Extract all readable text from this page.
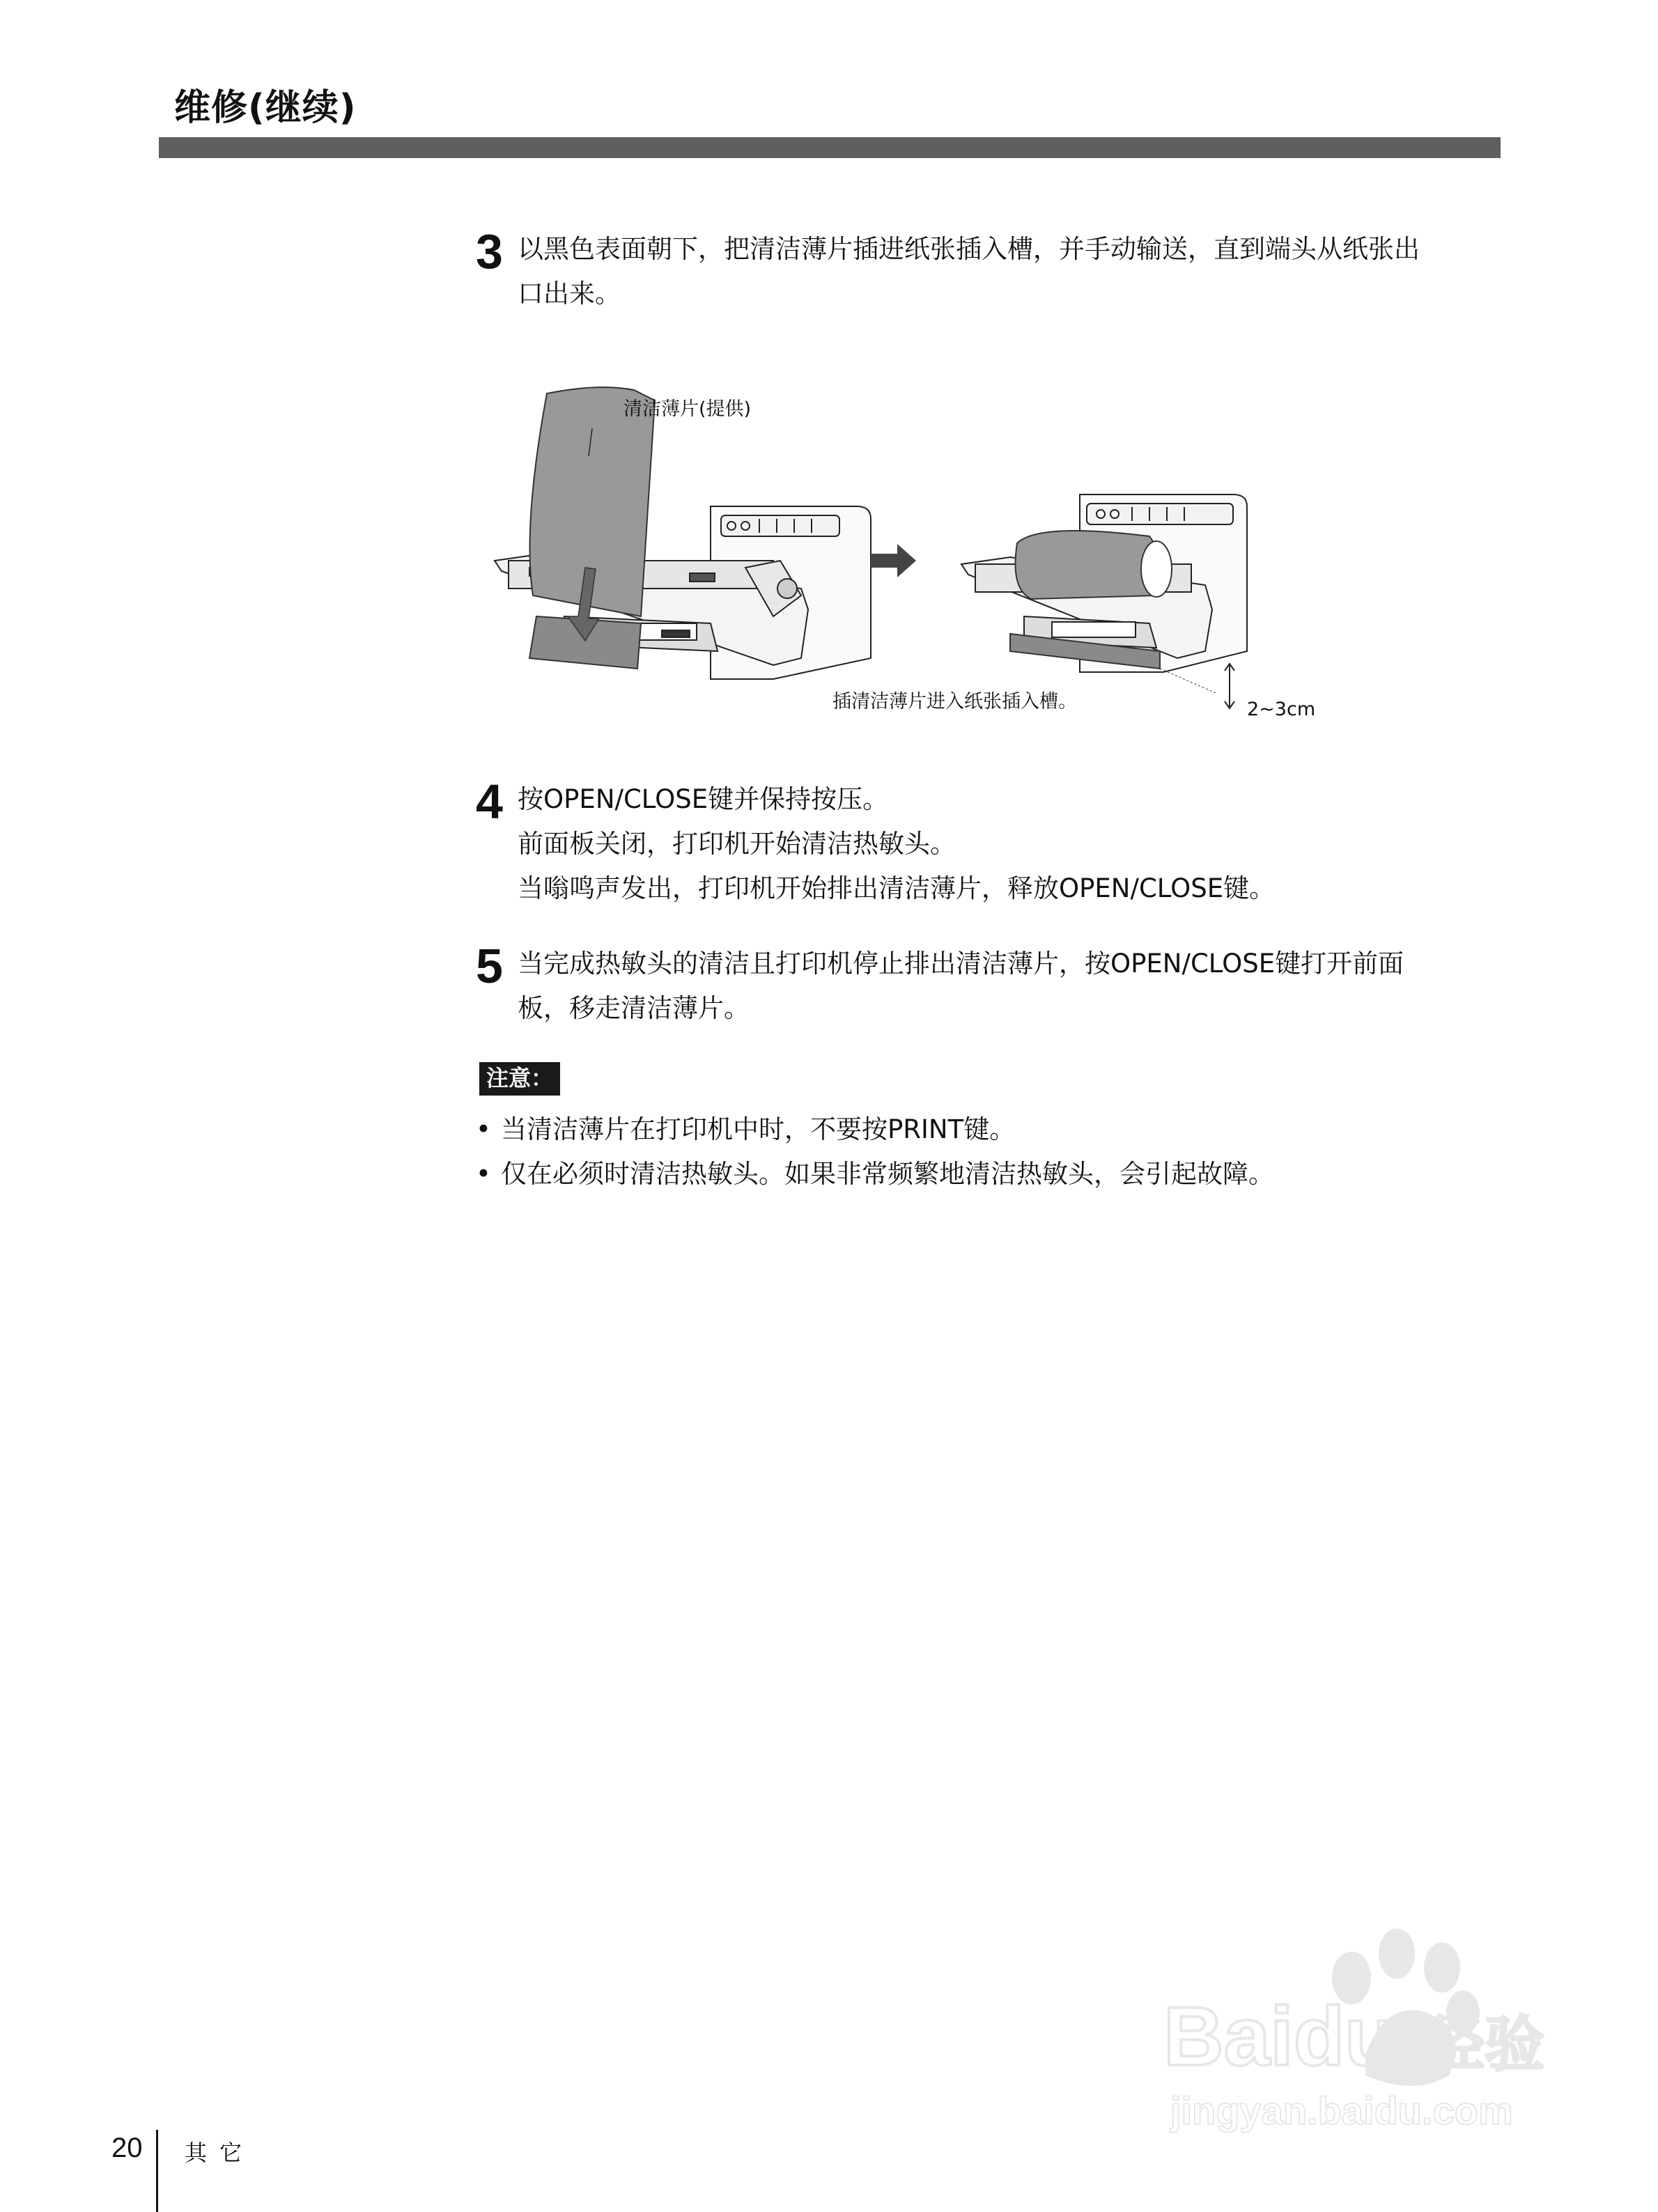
维修(继续)
3 以黑色表面朝下，把清洁薄片插进纸张插入槽，并手动输送，直到端头从纸张出

口出来。

清洁薄片(提供)
插清洁薄片进入纸张插入槽。	2~3cm
4 按OPEN/CLOSE键并保持按压。

前面板关闭，打印机开始清洁热敏头。

当嗡鸣声发出，打印机开始排出清洁薄片，释放OPEN/CLOSE键。

5 当完成热敏头的清洁且打印机停止排出清洁薄片，按OPEN/CLOSE键打开前面

板，移走清洁薄片。

注意：
• 当清洁薄片在打印机中时，不要按PRINT键。
• 仅在必须时清洁热敏头。如果非常频繁地清洁热敏头，会引起故障。
20 其它
Baidu 经验
jingyan.baidu.com
